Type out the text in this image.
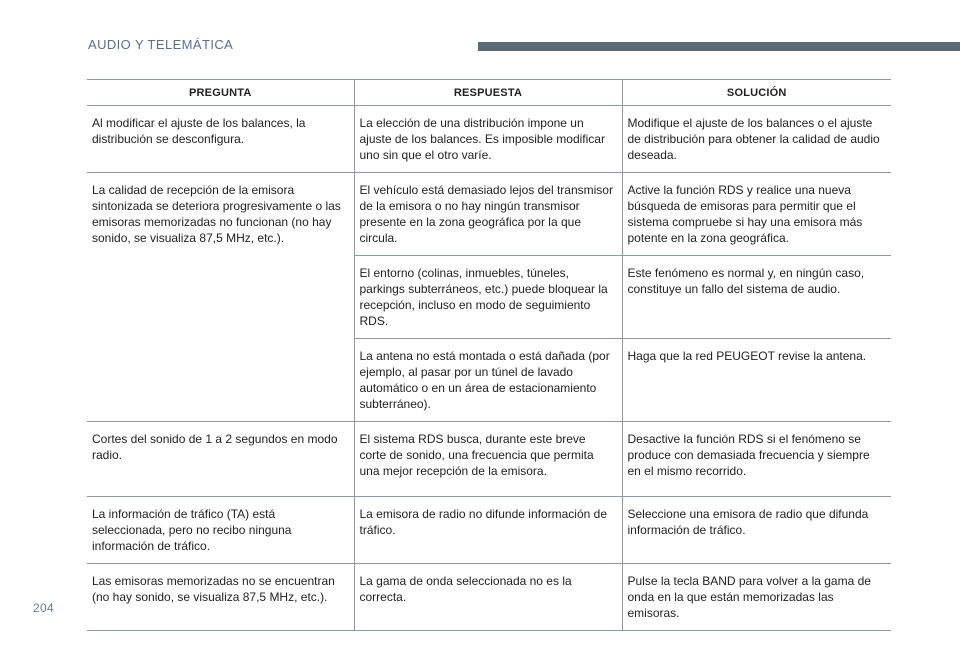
AUDIO Y TELEMÁTICA
PREGUNTA	RESPUESTA	SOLUCIÓN
Al modificar el ajuste de los balances, la distribución se desconfigura.	La elección de una distribución impone un ajuste de los balances. Es imposible modificar uno sin que el otro varíe.	Modifique el ajuste de los balances o el ajuste de distribución para obtener la calidad de audio deseada.
La calidad de recepción de la emisora sintonizada se deteriora progresivamente o las emisoras memorizadas no funcionan (no hay sonido, se visualiza 87,5 MHz, etc.).	El vehículo está demasiado lejos del transmisor de la emisora o no hay ningún transmisor presente en la zona geográfica por la que circula.	Active la función RDS y realice una nueva búsqueda de emisoras para permitir que el sistema compruebe si hay una emisora más potente en la zona geográfica.
	El entorno (colinas, inmuebles, túneles, parkings subterráneos, etc.) puede bloquear la recepción, incluso en modo de seguimiento RDS.	Este fenómeno es normal y, en ningún caso, constituye un fallo del sistema de audio.
	La antena no está montada o está dañada (por ejemplo, al pasar por un túnel de lavado automático o en un área de estacionamiento subterráneo).	Haga que la red PEUGEOT revise la antena.
Cortes del sonido de 1 a 2 segundos en modo radio.	El sistema RDS busca, durante este breve corte de sonido, una frecuencia que permita una mejor recepción de la emisora.	Desactive la función RDS si el fenómeno se produce con demasiada frecuencia y siempre en el mismo recorrido.
La información de tráfico (TA) está seleccionada, pero no recibo ninguna información de tráfico.	La emisora de radio no difunde información de tráfico.	Seleccione una emisora de radio que difunda información de tráfico.
Las emisoras memorizadas no se encuentran (no hay sonido, se visualiza 87,5 MHz, etc.).	La gama de onda seleccionada no es la correcta.	Pulse la tecla BAND para volver a la gama de onda en la que están memorizadas las emisoras.
204
